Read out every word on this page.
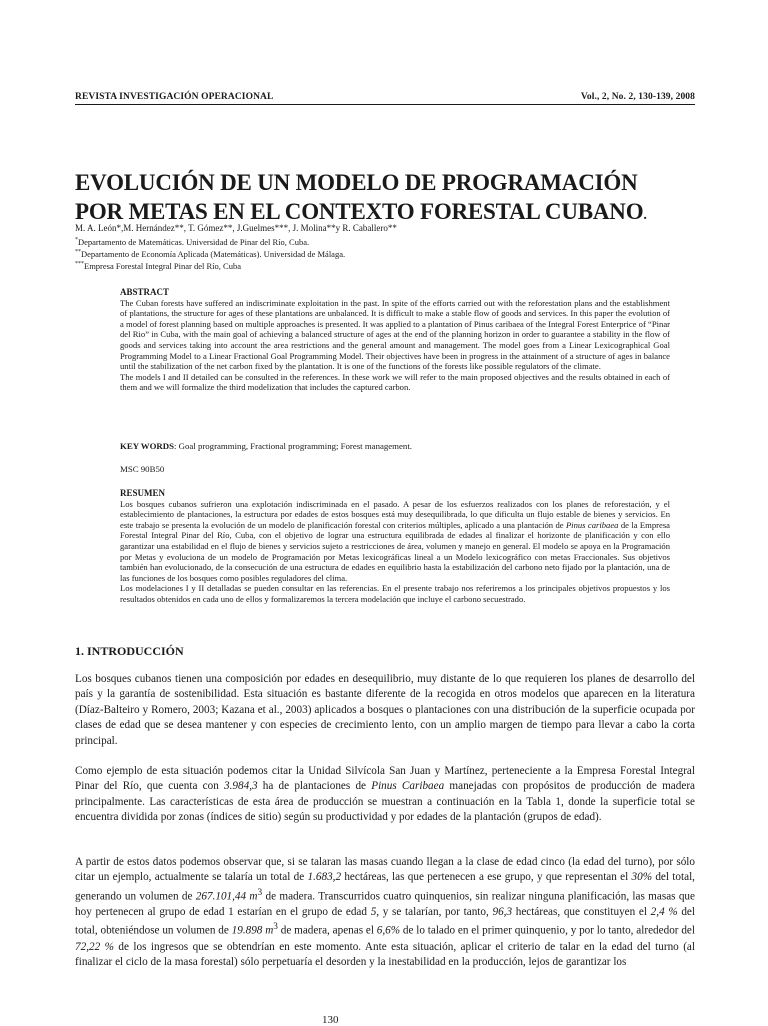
REVISTA INVESTIGACIÓN OPERACIONAL	Vol., 2, No. 2, 130-139, 2008
EVOLUCIÓN DE UN MODELO DE PROGRAMACIÓN
POR METAS EN EL CONTEXTO FORESTAL CUBANO.
M. A. León*,M. Hernández**, T. Gómez**, J.Guelmes***, J. Molina**y R. Caballero**
*Departamento de Matemáticas. Universidad de Pinar del Río, Cuba.
**Departamento de Economía Aplicada (Matemáticas). Universidad de Málaga.
***Empresa Forestal Integral Pinar del Río, Cuba

ABSTRACT

The Cuban forests have suffered an indiscriminate exploitation in the past. In spite of the efforts carried out with the reforestation plans and the establishment of plantations, the structure for ages of these plantations are unbalanced. It is difficult to make a stable flow of goods and services. In this paper the evolution of a model of forest planning based on multiple approaches is presented. It was applied to a plantation of Pinus caribaea of the Integral Forest Enterprice of “Pinar del Rio” in Cuba, with the main goal of achieving a balanced structure of ages at the end of the planning horizon in order to guarantee a stability in the flow of goods and services taking into account the area restrictions and the general amount and management. The model goes from a Linear Lexicographical Goal Programming Model to a Linear Fractional Goal Programming Model. Their objectives have been in progress in the attainment of a structure of ages in balance until the stabilization of the net carbon fixed by the plantation. It is one of the functions of the forests like possible regulators of the climate.

The models I and II detailed can be consulted in the references. In these work we will refer to the main proposed objectives and the results obtained in each of them and we will formalize the third modelization that includes the captured carbon.

KEY WORDS: Goal programming, Fractional programming; Forest management.
MSC 90B50

RESUMEN

Los bosques cubanos sufrieron una explotación indiscriminada en el pasado. A pesar de los esfuerzos realizados con los planes de reforestación, y el establecimiento de plantaciones, la estructura por edades de estos bosques está muy desequilibrada, lo que dificulta un flujo estable de bienes y servicios. En este trabajo se presenta la evolución de un modelo de planificación forestal con criterios múltiples, aplicado a una plantación de Pinus caribaea de la Empresa Forestal Integral Pinar del Río, Cuba, con el objetivo de lograr una estructura equilibrada de edades al finalizar el horizonte de planificación y con ello garantizar una estabilidad en el flujo de bienes y servicios sujeto a restricciones de área, volumen y manejo en general. El modelo se apoya en la Programación por Metas y evoluciona de un modelo de Programación por Metas lexicográficas lineal a un Modelo lexicográfico con metas Fraccionales. Sus objetivos también han evolucionado, de la consecución de una estructura de edades en equilibrio hasta la estabilización del carbono neto fijado por la plantación, una de las funciones de los bosques como posibles reguladores del clima.

Los modelaciones I y II detalladas se pueden consultar en las referencias. En el presente trabajo nos referiremos a los principales objetivos propuestos y los resultados obtenidos en cada uno de ellos y formalizaremos la tercera modelación que incluye el carbono secuestrado.

1. INTRODUCCIÓN

Los bosques cubanos tienen una composición por edades en desequilibrio, muy distante de lo que requieren los planes de desarrollo del país y la garantía de sostenibilidad. Esta situación es bastante diferente de la recogida en otros modelos que aparecen en la literatura (Díaz-Balteiro y Romero, 2003; Kazana et al., 2003) aplicados a bosques o plantaciones con una distribución de la superficie ocupada por clases de edad que se desea mantener y con especies de crecimiento lento, con un amplio margen de tiempo para llevar a cabo la corta principal.

Como ejemplo de esta situación podemos citar la Unidad Silvícola San Juan y Martínez, perteneciente a la Empresa Forestal Integral Pinar del Río, que cuenta con 3.984,3 ha de plantaciones de Pinus Caribaea manejadas con propósitos de producción de madera principalmente. Las características de esta área de producción se muestran a continuación en la Tabla 1, donde la superficie total se encuentra dividida por zonas (índices de sitio) según su productividad y por edades de la plantación (grupos de edad).

A partir de estos datos podemos observar que, si se talaran las masas cuando llegan a la clase de edad cinco (la edad del turno), por sólo citar un ejemplo, actualmente se talaría un total de 1.683,2 hectáreas, las que pertenecen a ese grupo, y que representan el 30% del total, generando un volumen de 267.101,44 $m^3$ de madera. Transcurridos cuatro quinquenios, sin realizar ninguna planificación, las masas que hoy pertenecen al grupo de edad 1 estarían en el grupo de edad 5, y se talarían, por tanto, 96,3 hectáreas, que constituyen el 2,4 % del total, obteniéndose un volumen de 19.898 $m^3$ de madera, apenas el 6,6% de lo talado en el primer quinquenio, y por lo tanto, alrededor del 72,22 % de los ingresos que se obtendrían en este momento. Ante esta situación, aplicar el criterio de talar en la edad del turno (al finalizar el ciclo de la masa forestal) sólo perpetuaría el desorden y la inestabilidad en la producción, lejos de garantizar los

130
